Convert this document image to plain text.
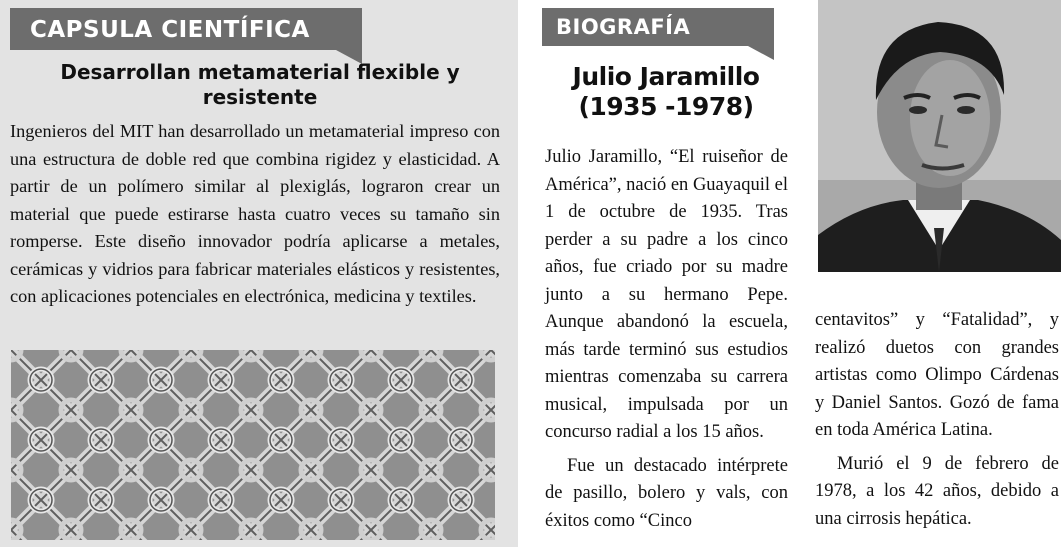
CAPSULA CIENTÍFICA
Desarrollan metamaterial flexible y resistente
Ingenieros del MIT han desarrollado un metamaterial impreso con una estructura de doble red que combina rigidez y elasticidad. A partir de un polímero similar al plexiglás, lograron crear un material que puede estirarse hasta cuatro veces su tamaño sin romperse. Este diseño innovador podría aplicarse a metales, cerámicas y vidrios para fabricar materiales elásticos y resistentes, con aplicaciones potenciales en electrónica, medicina y textiles.
BIOGRAFÍA
Julio Jaramillo
(1935 -1978)

Julio Jaramillo, “El ruiseñor de América”, nació en Guayaquil el 1 de octubre de 1935. Tras perder a su padre a los cinco años, fue criado por su madre junto a su hermano Pepe. Aunque abandonó la escuela, más tarde terminó sus estudios mientras comenzaba su carrera musical, impulsada por un concurso radial a los 15 años.

Fue un destacado intérprete de pasillo, bolero y vals, con éxitos como “Cinco

centavitos” y “Fatalidad”, y realizó duetos con grandes artistas como Olimpo Cárdenas y Daniel Santos. Gozó de fama en toda América Latina.

Murió el 9 de febrero de 1978, a los 42 años, debido a una cirrosis hepática.
